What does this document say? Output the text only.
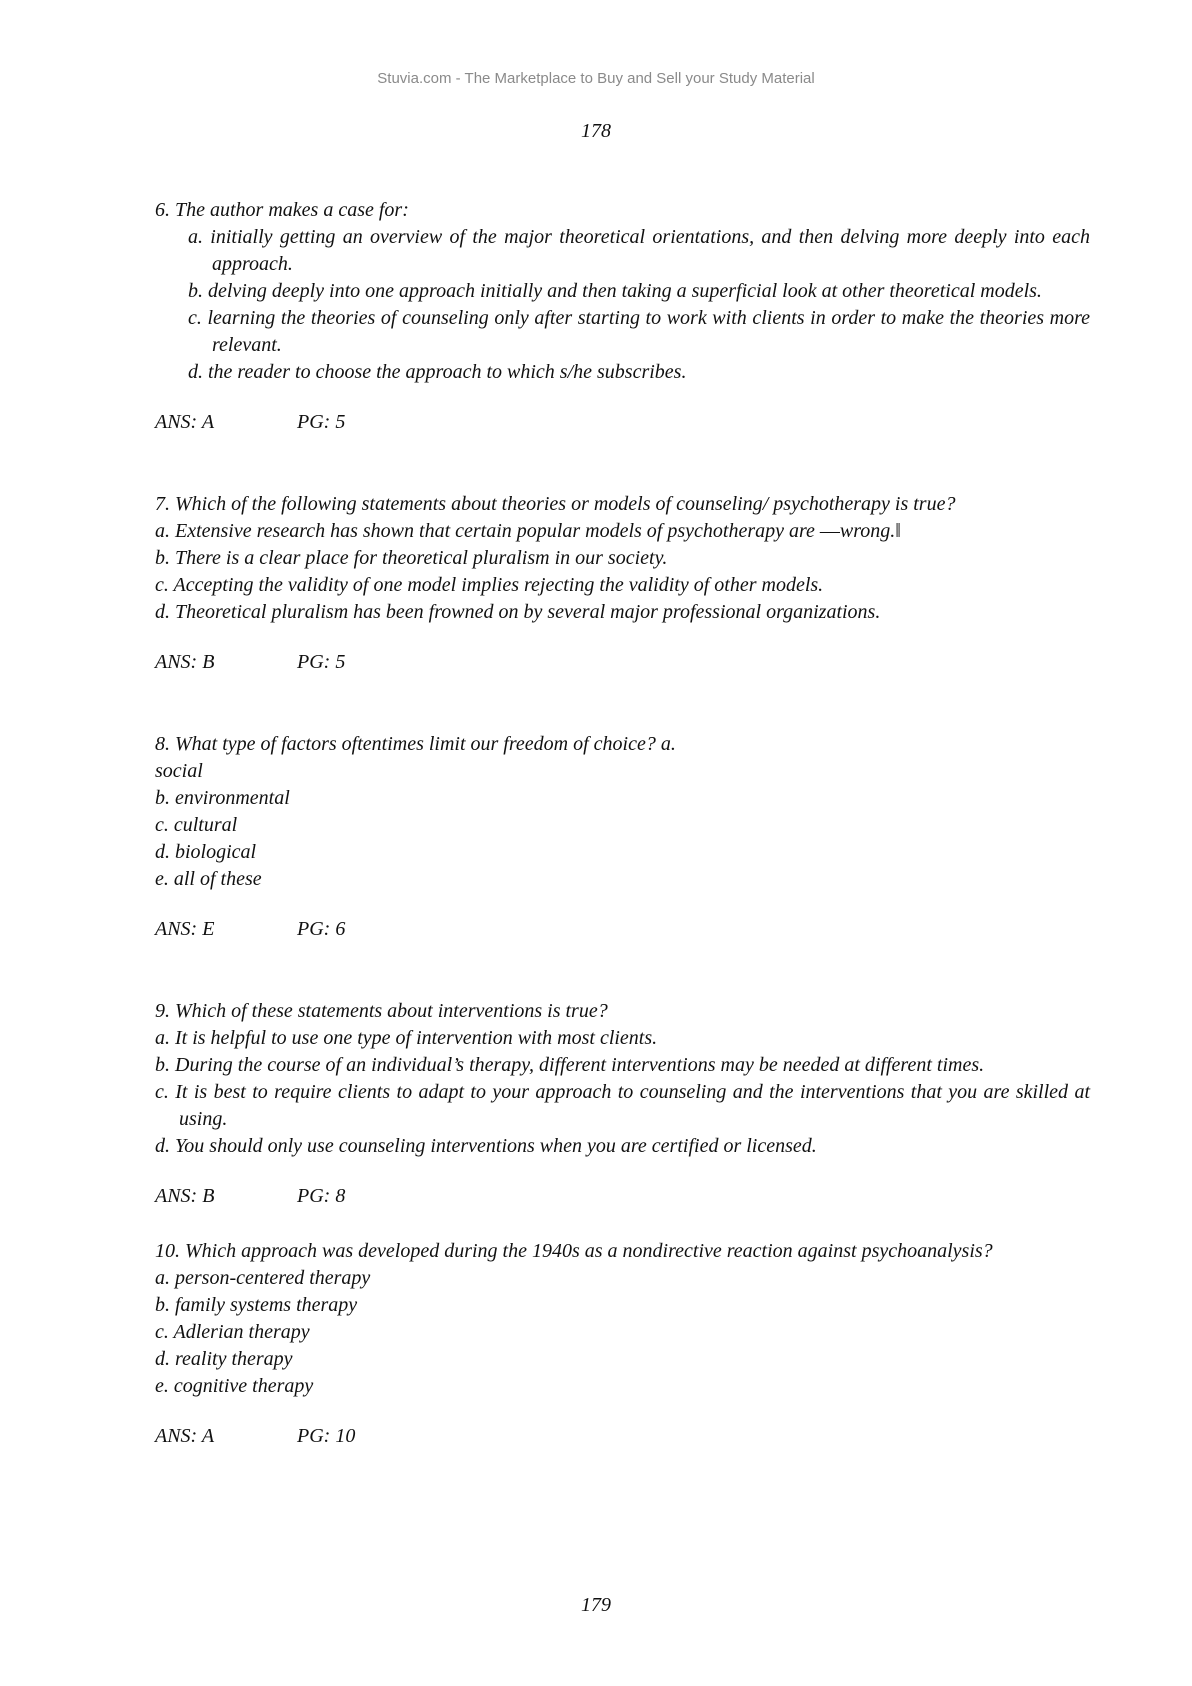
Stuvia.com - The Marketplace to Buy and Sell your Study Material
178

6. The author makes a case for:

a. initially getting an overview of the major theoretical orientations, and then delving more deeply into each approach.
b. delving deeply into one approach initially and then taking a superficial look at other theoretical models.
c. learning the theories of counseling only after starting to work with clients in order to make the theories more relevant.
d. the reader to choose the approach to which s/he subscribes.
ANS: A	PG: 5

7. Which of the following statements about theories or models of counseling/ psychotherapy is true?

a. Extensive research has shown that certain popular models of psychotherapy are ―wrong.‖
b. There is a clear place for theoretical pluralism in our society.
c. Accepting the validity of one model implies rejecting the validity of other models.
d. Theoretical pluralism has been frowned on by several major professional organizations.
ANS: B	PG: 5

8. What type of factors oftentimes limit our freedom of choice? a.

social
b. environmental
c. cultural
d. biological
e. all of these
ANS: E	PG: 6

9. Which of these statements about interventions is true?

a. It is helpful to use one type of intervention with most clients.
b. During the course of an individual’s therapy, different interventions may be needed at different times.
c. It is best to require clients to adapt to your approach to counseling and the interventions that you are skilled at using.
d. You should only use counseling interventions when you are certified or licensed.
ANS: B	PG: 8

10. Which approach was developed during the 1940s as a nondirective reaction against psychoanalysis?

a. person-centered therapy
b. family systems therapy
c. Adlerian therapy
d. reality therapy
e. cognitive therapy
ANS: A	PG: 10
179
